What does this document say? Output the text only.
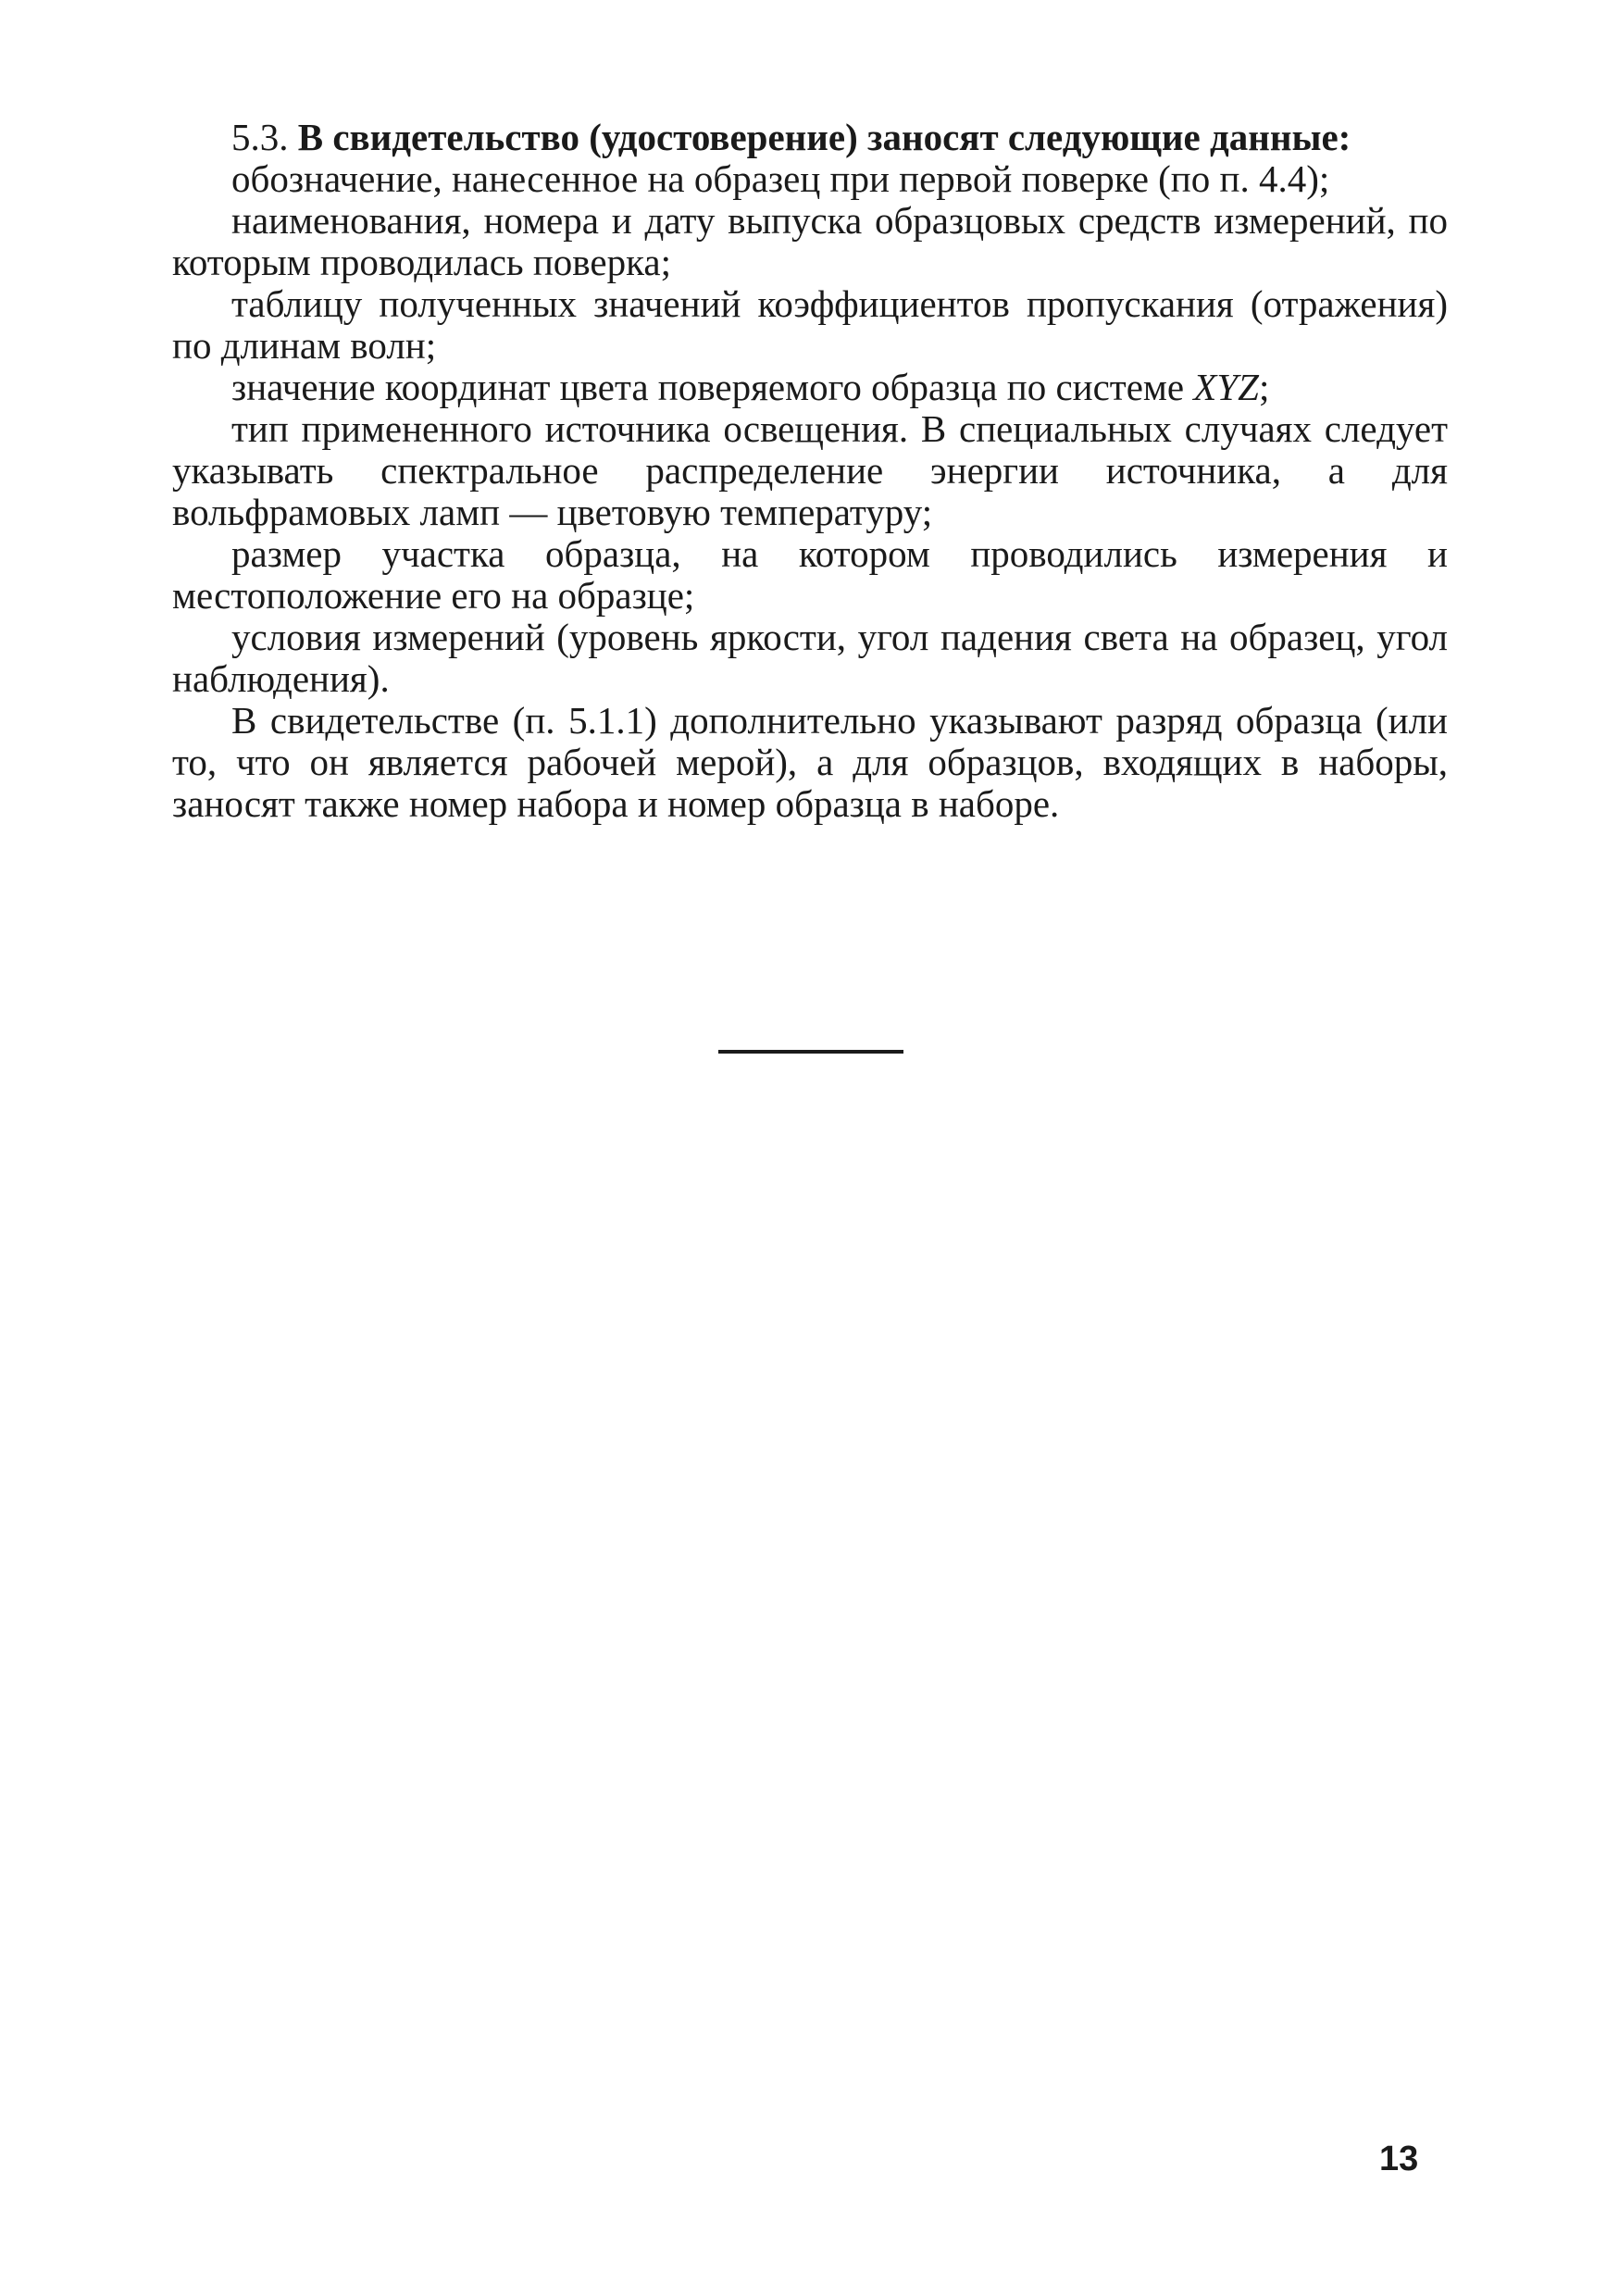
5.3. В свидетельство (удостоверение) заносят следующие данные:

обозначение, нанесенное на образец при первой поверке (по п. 4.4);

наименования, номера и дату выпуска образцовых средств измерений, по которым проводилась поверка;

таблицу полученных значений коэффициентов пропускания (отражения) по длинам волн;

значение координат цвета поверяемого образца по системе XYZ;

тип примененного источника освещения. В специальных случаях следует указывать спектральное распределение энергии источника, а для вольфрамовых ламп — цветовую температуру;

размер участка образца, на котором проводились измерения и местоположение его на образце;

условия измерений (уровень яркости, угол падения света на образец, угол наблюдения).

В свидетельстве (п. 5.1.1) дополнительно указывают разряд образца (или то, что он является рабочей мерой), а для образцов, входящих в наборы, заносят также номер набора и номер образца в наборе.

13
